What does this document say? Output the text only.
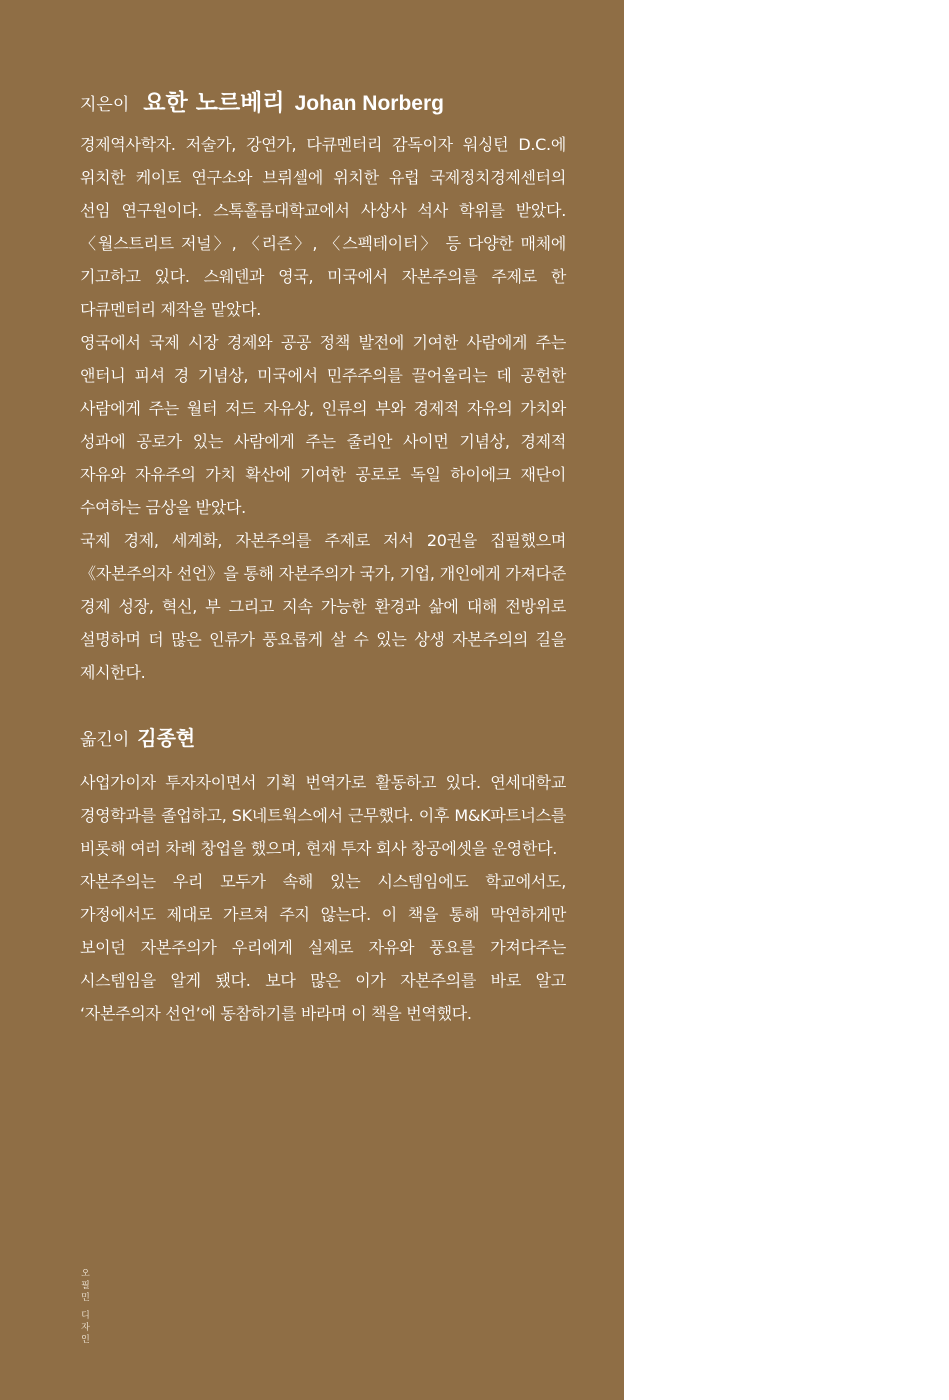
지은이 요한 노르베리 Johan Norberg

경제역사학자. 저술가, 강연가, 다큐멘터리 감독이자 워싱턴 D.C.에 위치한 케이토 연구소와 브뤼셀에 위치한 유럽 국제정치경제센터의 선임 연구원이다. 스톡홀름대학교에서 사상사 석사 학위를 받았다. 〈월스트리트 저널〉, 〈리즌〉, 〈스펙테이터〉 등 다양한 매체에 기고하고 있다. 스웨덴과 영국, 미국에서 자본주의를 주제로 한 다큐멘터리 제작을 맡았다.

영국에서 국제 시장 경제와 공공 정책 발전에 기여한 사람에게 주는 앤터니 피셔 경 기념상, 미국에서 민주주의를 끌어올리는 데 공헌한 사람에게 주는 월터 저드 자유상, 인류의 부와 경제적 자유의 가치와 성과에 공로가 있는 사람에게 주는 줄리안 사이먼 기념상, 경제적 자유와 자유주의 가치 확산에 기여한 공로로 독일 하이에크 재단이 수여하는 금상을 받았다.

국제 경제, 세계화, 자본주의를 주제로 저서 20권을 집필했으며 《자본주의자 선언》을 통해 자본주의가 국가, 기업, 개인에게 가져다준 경제 성장, 혁신, 부 그리고 지속 가능한 환경과 삶에 대해 전방위로 설명하며 더 많은 인류가 풍요롭게 살 수 있는 상생 자본주의의 길을 제시한다.

옮긴이 김종현

사업가이자 투자자이면서 기획 번역가로 활동하고 있다. 연세대학교 경영학과를 졸업하고, SK네트웍스에서 근무했다. 이후 M&K파트너스를 비롯해 여러 차례 창업을 했으며, 현재 투자 회사 창공에셋을 운영한다.

자본주의는 우리 모두가 속해 있는 시스템임에도 학교에서도, 가정에서도 제대로 가르쳐 주지 않는다. 이 책을 통해 막연하게만 보이던 자본주의가 우리에게 실제로 자유와 풍요를 가져다주는 시스템임을 알게 됐다. 보다 많은 이가 자본주의를 바로 알고 ‘자본주의자 선언’에 동참하기를 바라며 이 책을 번역했다.

오필민 디자인
